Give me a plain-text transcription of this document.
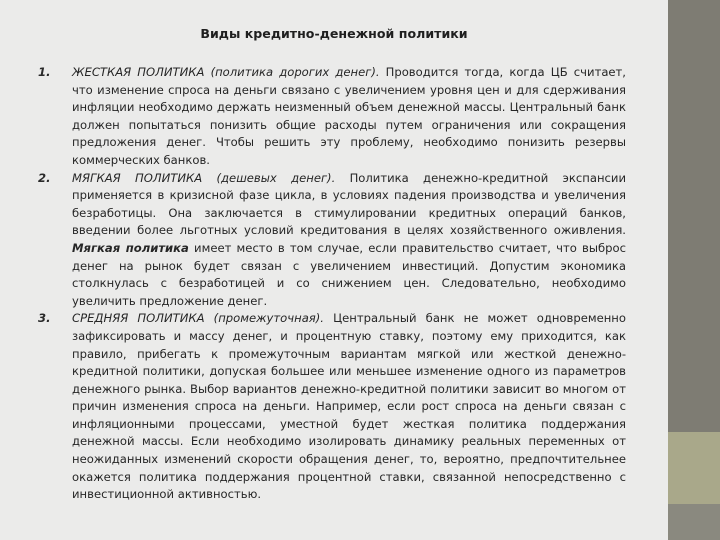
Виды кредитно-денежной политики
1.	ЖЕСТКАЯ ПОЛИТИКА (политика дорогих денег). Проводится тогда, когда ЦБ считает, что изменение спроса на деньги связано с увеличением уровня цен и для сдерживания инфляции необходимо держать неизменный объем денежной массы. Центральный банк должен попытаться понизить общие расходы путем ограничения или сокращения предложения денег. Чтобы решить эту проблему, необходимо понизить резервы коммерческих банков.
2.	МЯГКАЯ ПОЛИТИКА (дешевых денег). Политика денежно-кредитной экспансии применяется в кризисной фазе цикла, в условиях падения производства и увеличения безработицы. Она заключается в стимулировании кредитных операций банков, введении более льготных условий кредитования в целях хозяйственного оживления. Мягкая политика имеет место в том случае, если правительство считает, что выброс денег на рынок будет связан с увеличением инвестиций. Допустим экономика столкнулась с безработицей и со снижением цен. Следовательно, необходимо увеличить предложение денег.
3.	СРЕДНЯЯ ПОЛИТИКА (промежуточная). Центральный банк не может одновременно зафиксировать и массу денег, и процентную ставку, поэтому ему приходится, как правило, прибегать к промежуточным вариантам мягкой или жесткой денежно-кредитной политики, допуская большее или меньшее изменение одного из параметров денежного рынка. Выбор вариантов денежно-кредитной политики зависит во многом от причин изменения спроса на деньги. Например, если рост спроса на деньги связан с инфляционными процессами, уместной будет жесткая политика поддержания денежной массы. Если необходимо изолировать динамику реальных переменных от неожиданных изменений скорости обращения денег, то, вероятно, предпочтительнее окажется политика поддержания процентной ставки, связанной непосредственно с инвестиционной активностью.
